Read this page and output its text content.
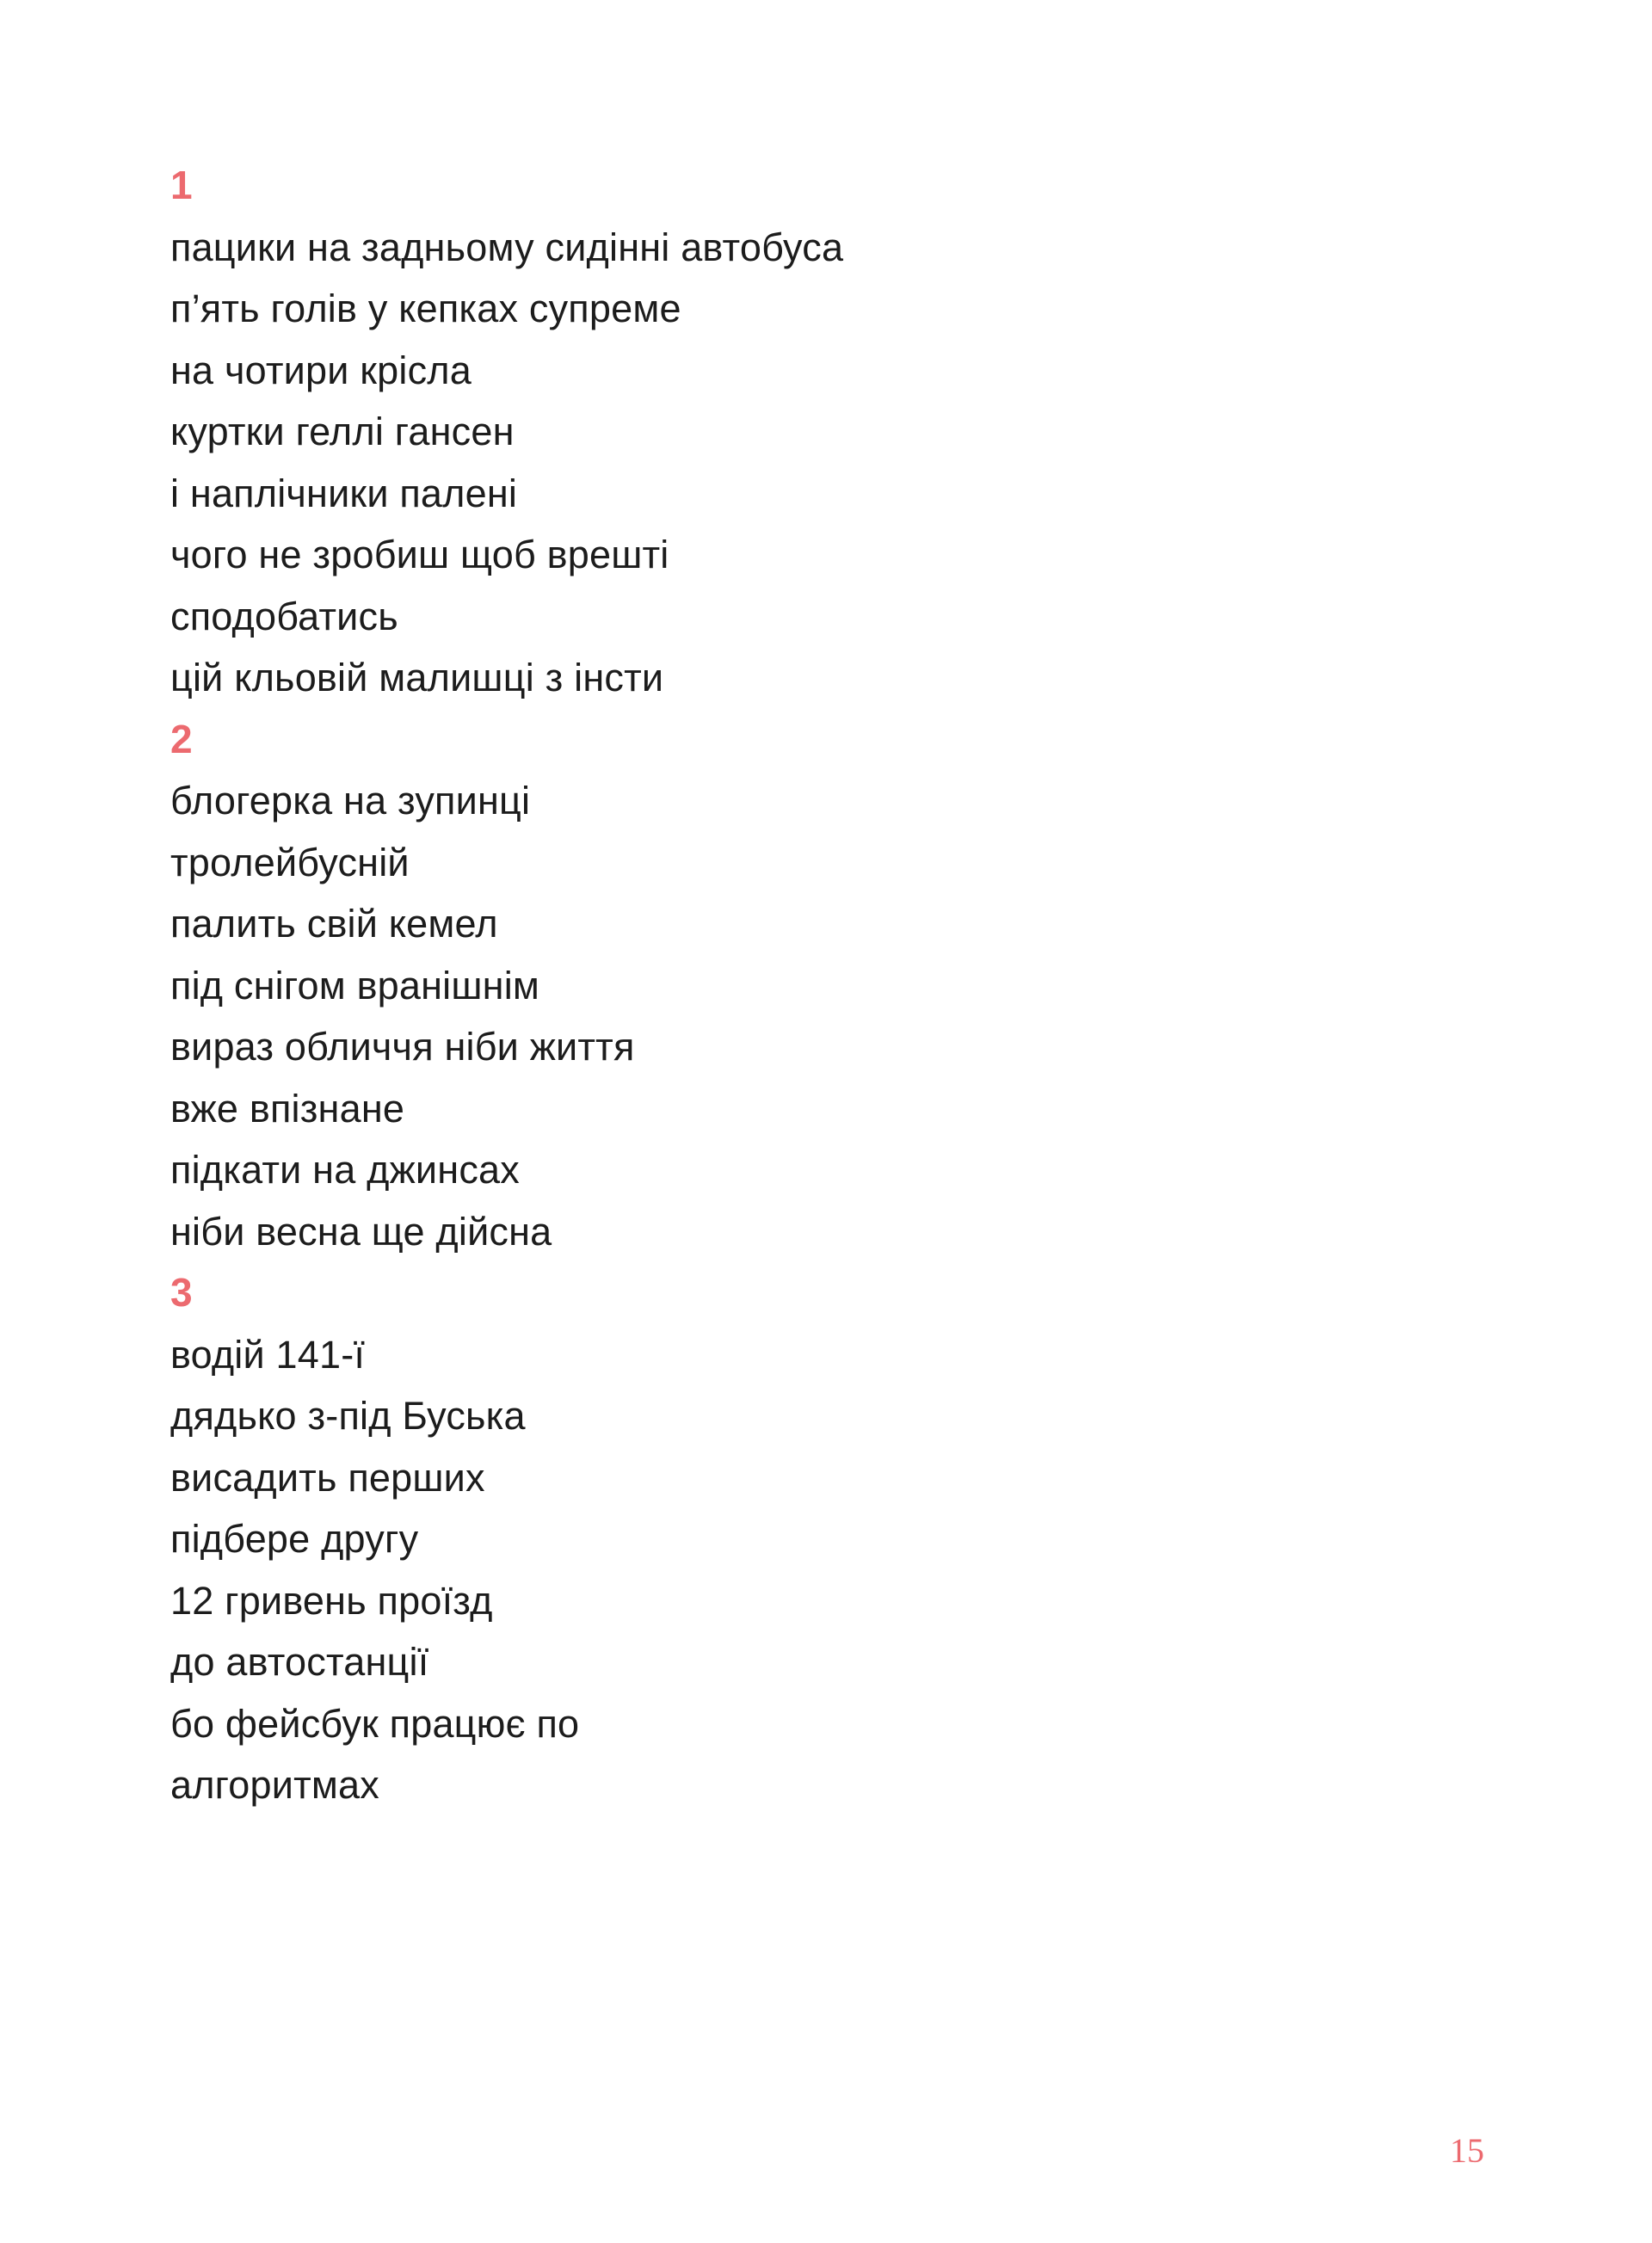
1

пацики на задньому сидінні автобуса

п’ять голів у кепках супреме

на чотири крісла

куртки геллі гансен

і наплічники палені

чого не зробиш щоб врешті

сподобатись

цій кльовій малишці з інсти

2

блогерка на зупинці

тролейбусній

палить свій кемел

під снігом вранішнім

вираз обличчя ніби життя

вже впізнане

підкати на джинсах

ніби весна ще дійсна

3

водій 141-ї

дядько з-під Буська

висадить перших

підбере другу

12 гривень проїзд

до автостанції

бо фейсбук працює по

алгоритмах

15
